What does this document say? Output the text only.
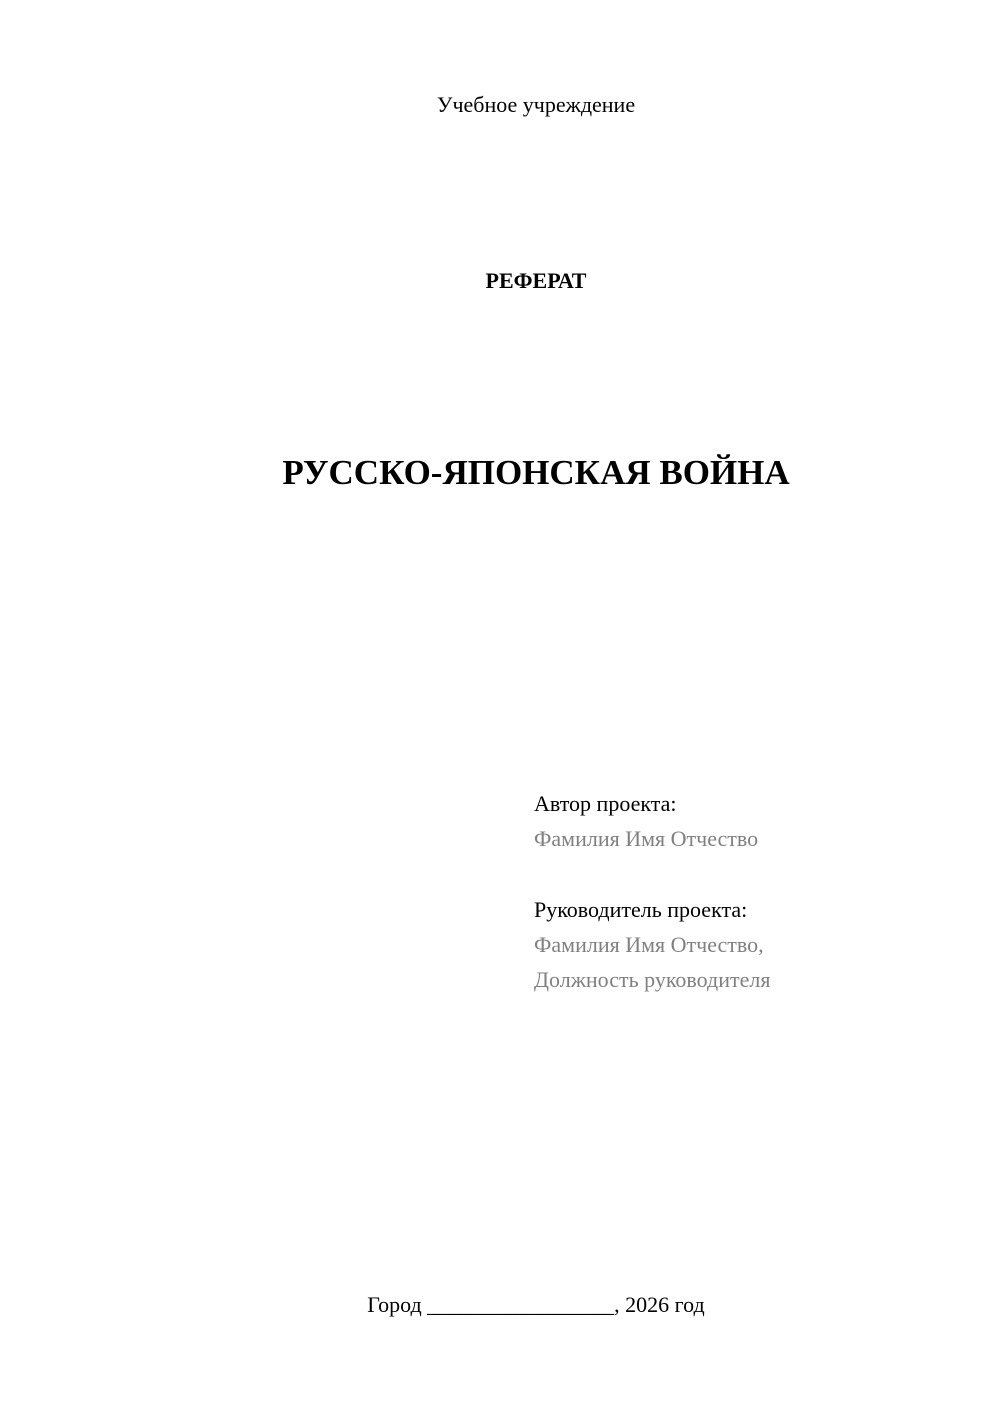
Учебное учреждение
РЕФЕРАТ
РУССКО-ЯПОНСКАЯ ВОЙНА
Автор проекта:
Фамилия Имя Отчество
Руководитель проекта:
Фамилия Имя Отчество,
Должность руководителя
Город _________________, 2026 год
